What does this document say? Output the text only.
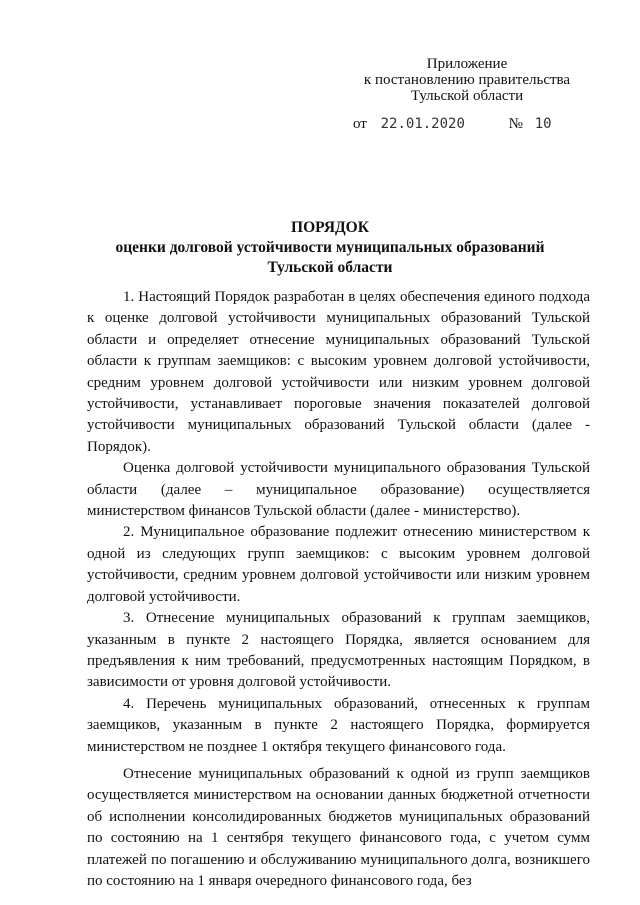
Приложение
к постановлению правительства
Тульской области
от 22.01.2020	№ 10
ПОРЯДОК
оценки долговой устойчивости муниципальных образований
Тульской области

1. Настоящий Порядок разработан в целях обеспечения единого подхода к оценке долговой устойчивости муниципальных образований Тульской области и определяет отнесение муниципальных образований Тульской области к группам заемщиков: с высоким уровнем долговой устойчивости, средним уровнем долговой устойчивости или низким уровнем долговой устойчивости, устанавливает пороговые значения показателей долговой устойчивости муниципальных образований Тульской области (далее - Порядок).

Оценка долговой устойчивости муниципального образования Тульской области (далее – муниципальное образование) осуществляется министерством финансов Тульской области (далее - министерство).

2. Муниципальное образование подлежит отнесению министерством к одной из следующих групп заемщиков: с высоким уровнем долговой устойчивости, средним уровнем долговой устойчивости или низким уровнем долговой устойчивости.

3. Отнесение муниципальных образований к группам заемщиков, указанным в пункте 2 настоящего Порядка, является основанием для предъявления к ним требований, предусмотренных настоящим Порядком, в зависимости от уровня долговой устойчивости.

4. Перечень муниципальных образований, отнесенных к группам заемщиков, указанным в пункте 2 настоящего Порядка, формируется министерством не позднее 1 октября текущего финансового года.

Отнесение муниципальных образований к одной из групп заемщиков осуществляется министерством на основании данных бюджетной отчетности об исполнении консолидированных бюджетов муниципальных образований по состоянию на 1 сентября текущего финансового года, с учетом сумм платежей по погашению и обслуживанию муниципального долга, возникшего по состоянию на 1 января очередного финансового года, без
